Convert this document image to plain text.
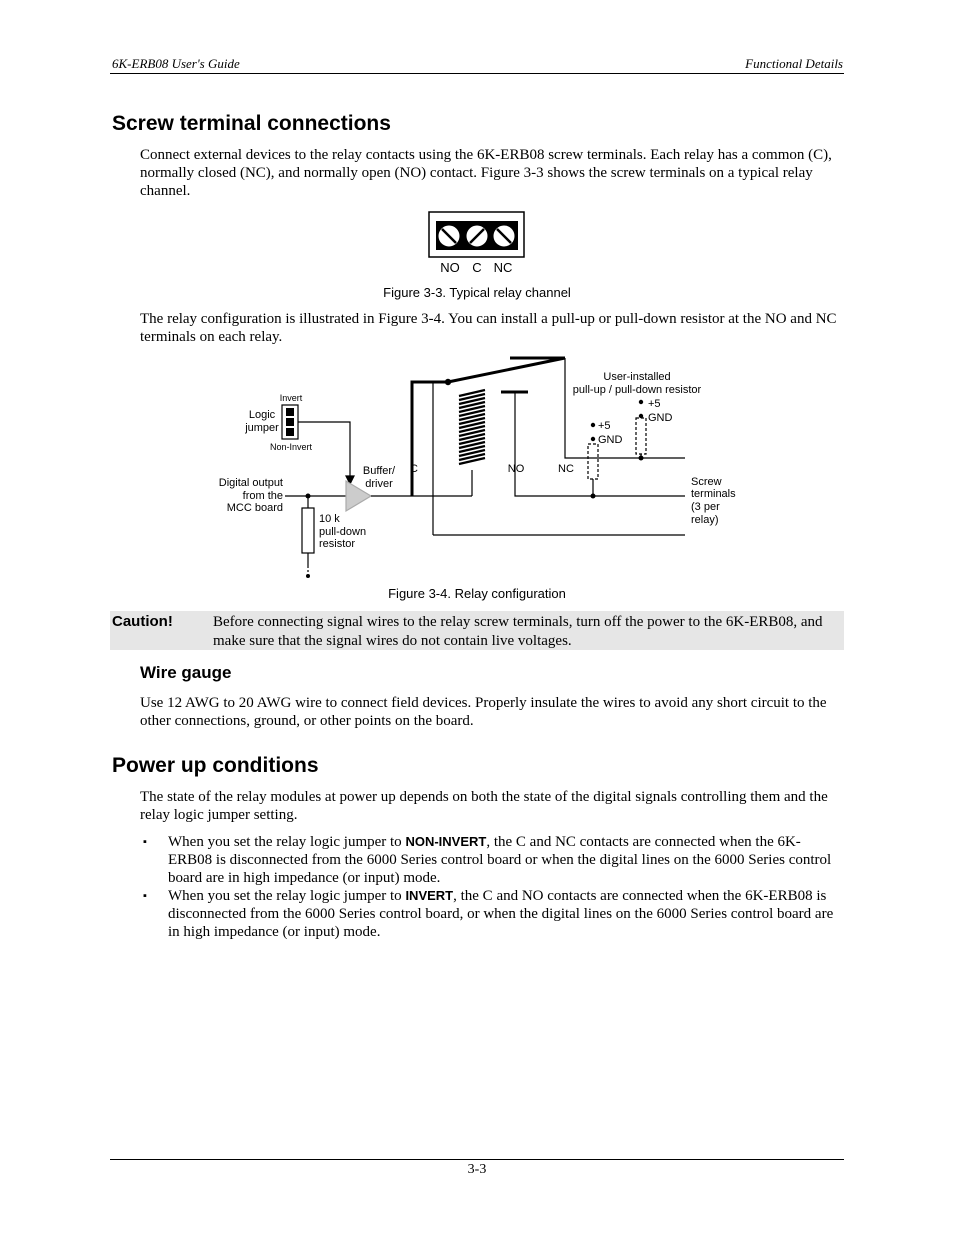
6K-ERB08 User's Guide	Functional Details
Screw terminal connections
Connect external devices to the relay contacts using the 6K-ERB08 screw terminals. Each relay has a common (C), normally closed (NC), and normally open (NO) contact. Figure 3-3 shows the screw terminals on a typical relay channel.
NO C NC
Figure 3-3. Typical relay channel
The relay configuration is illustrated in Figure 3-4. You can install a pull-up or pull-down resistor at the NO and NC terminals on each relay.
Invert
Logic
jumper
Non-Invert
Digital output
from the
MCC board
Buffer/
driver
10 k
pull-down
resistor
C	NO	NC
User-installed
pull-up / pull-down resistor
+5
GND
+5
GND
Screw
terminals
(3 per
relay)
Figure 3-4. Relay configuration
Caution!	Before connecting signal wires to the relay screw terminals, turn off the power to the 6K-ERB08, and make sure that the signal wires do not contain live voltages.
Wire gauge
Use 12 AWG to 20 AWG wire to connect field devices. Properly insulate the wires to avoid any short circuit to the other connections, ground, or other points on the board.
Power up conditions
The state of the relay modules at power up depends on both the state of the digital signals controlling them and the relay logic jumper setting.
▪ When you set the relay logic jumper to NON-INVERT, the C and NC contacts are connected when the 6K-ERB08 is disconnected from the 6000 Series control board or when the digital lines on the 6000 Series control board are in high impedance (or input) mode.
▪ When you set the relay logic jumper to INVERT, the C and NO contacts are connected when the 6K-ERB08 is disconnected from the 6000 Series control board, or when the digital lines on the 6000 Series control board are in high impedance (or input) mode.
3-3
